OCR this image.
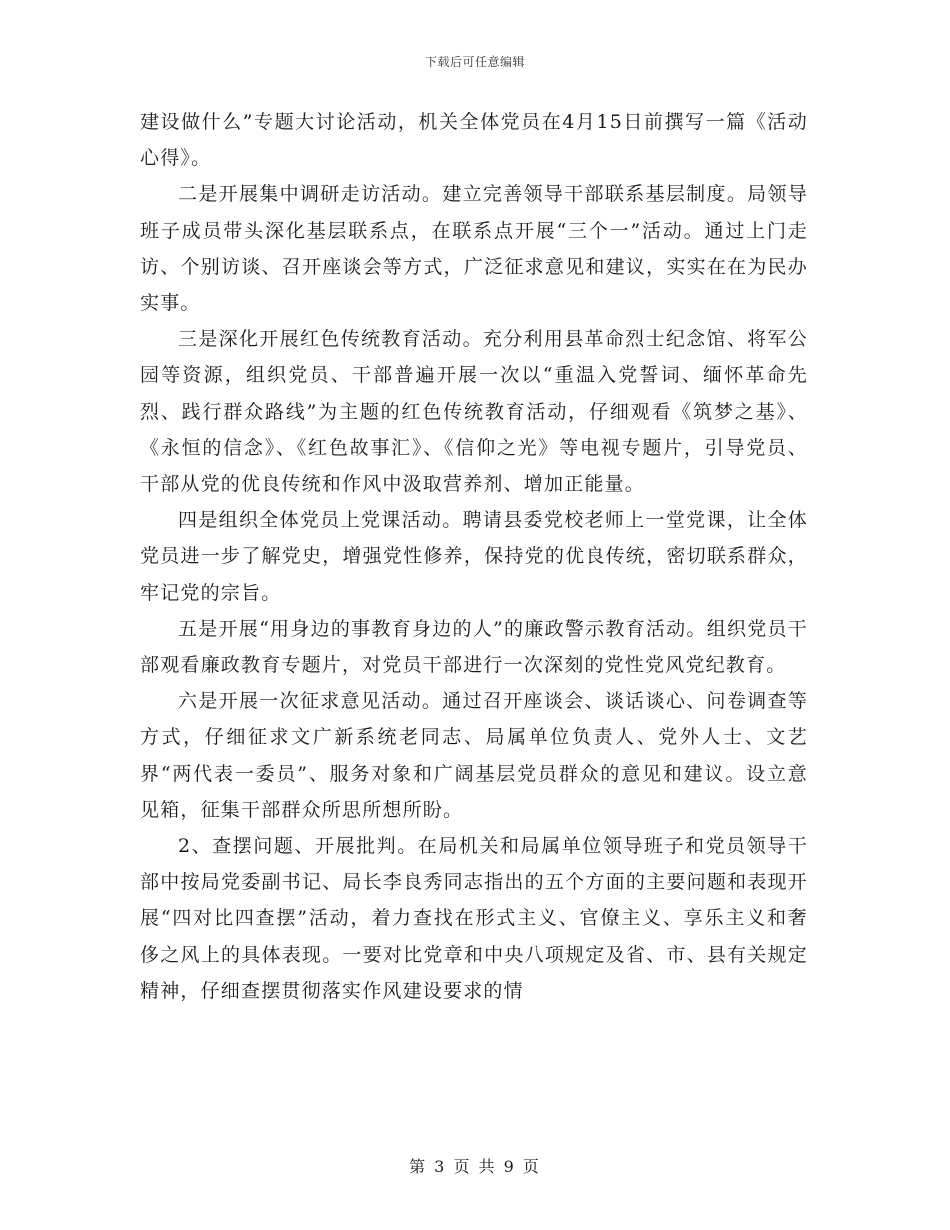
下载后可任意编辑

建设做什么”专题大讨论活动，机关全体党员在4月15日前撰写一篇《活动心得》。

二是开展集中调研走访活动。建立完善领导干部联系基层制度。局领导班子成员带头深化基层联系点，在联系点开展“三个一”活动。通过上门走访、个别访谈、召开座谈会等方式，广泛征求意见和建议，实实在在为民办实事。

三是深化开展红色传统教育活动。充分利用县革命烈士纪念馆、将军公园等资源，组织党员、干部普遍开展一次以“重温入党誓词、缅怀革命先烈、践行群众路线”为主题的红色传统教育活动，仔细观看《筑梦之基》、《永恒的信念》、《红色故事汇》、《信仰之光》等电视专题片，引导党员、干部从党的优良传统和作风中汲取营养剂、增加正能量。

四是组织全体党员上党课活动。聘请县委党校老师上一堂党课，让全体党员进一步了解党史，增强党性修养，保持党的优良传统，密切联系群众，牢记党的宗旨。

五是开展“用身边的事教育身边的人”的廉政警示教育活动。组织党员干部观看廉政教育专题片，对党员干部进行一次深刻的党性党风党纪教育。

六是开展一次征求意见活动。通过召开座谈会、谈话谈心、问卷调查等方式，仔细征求文广新系统老同志、局属单位负责人、党外人士、文艺界“两代表一委员”、服务对象和广阔基层党员群众的意见和建议。设立意见箱，征集干部群众所思所想所盼。

2、查摆问题、开展批判。在局机关和局属单位领导班子和党员领导干部中按局党委副书记、局长李良秀同志指出的五个方面的主要问题和表现开展“四对比四查摆”活动，着力查找在形式主义、官僚主义、享乐主义和奢侈之风上的具体表现。一要对比党章和中央八项规定及省、市、县有关规定精神，仔细查摆贯彻落实作风建设要求的情

第 3 页 共 9 页
